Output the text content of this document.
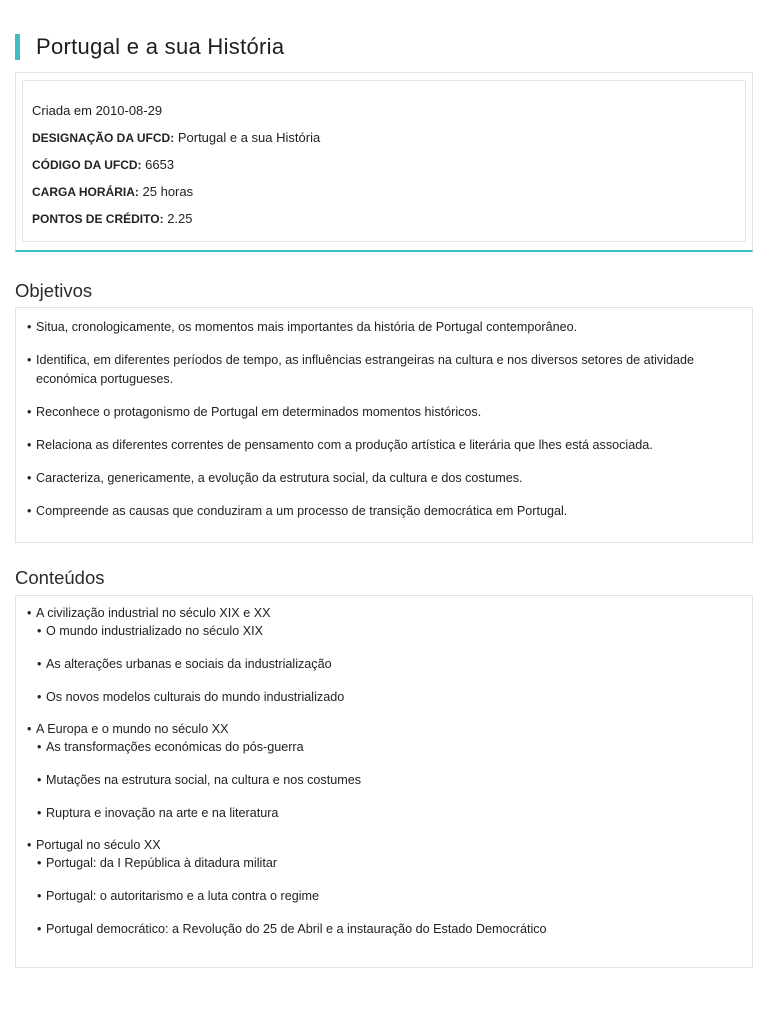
Portugal e a sua História
Criada em 2010-08-29
DESIGNAÇÃO DA UFCD: Portugal e a sua História
CÓDIGO DA UFCD: 6653
CARGA HORÁRIA: 25 horas
PONTOS DE CRÉDITO: 2.25
Objetivos
• Situa, cronologicamente, os momentos mais importantes da história de Portugal contemporâneo.
• Identifica, em diferentes períodos de tempo, as influências estrangeiras na cultura e nos diversos setores de atividade económica portugueses.
• Reconhece o protagonismo de Portugal em determinados momentos históricos.
• Relaciona as diferentes correntes de pensamento com a produção artística e literária que lhes está associada.
• Caracteriza, genericamente, a evolução da estrutura social, da cultura e dos costumes.
• Compreende as causas que conduziram a um processo de transição democrática em Portugal.
Conteúdos
• A civilização industrial no século XIX e XX
• O mundo industrializado no século XIX
• As alterações urbanas e sociais da industrialização
• Os novos modelos culturais do mundo industrializado
• A Europa e o mundo no século XX
• As transformações económicas do pós-guerra
• Mutações na estrutura social, na cultura e nos costumes
• Ruptura e inovação na arte e na literatura
• Portugal no século XX
• Portugal: da I República à ditadura militar
• Portugal: o autoritarismo e a luta contra o regime
• Portugal democrático: a Revolução do 25 de Abril e a instauração do Estado Democrático
